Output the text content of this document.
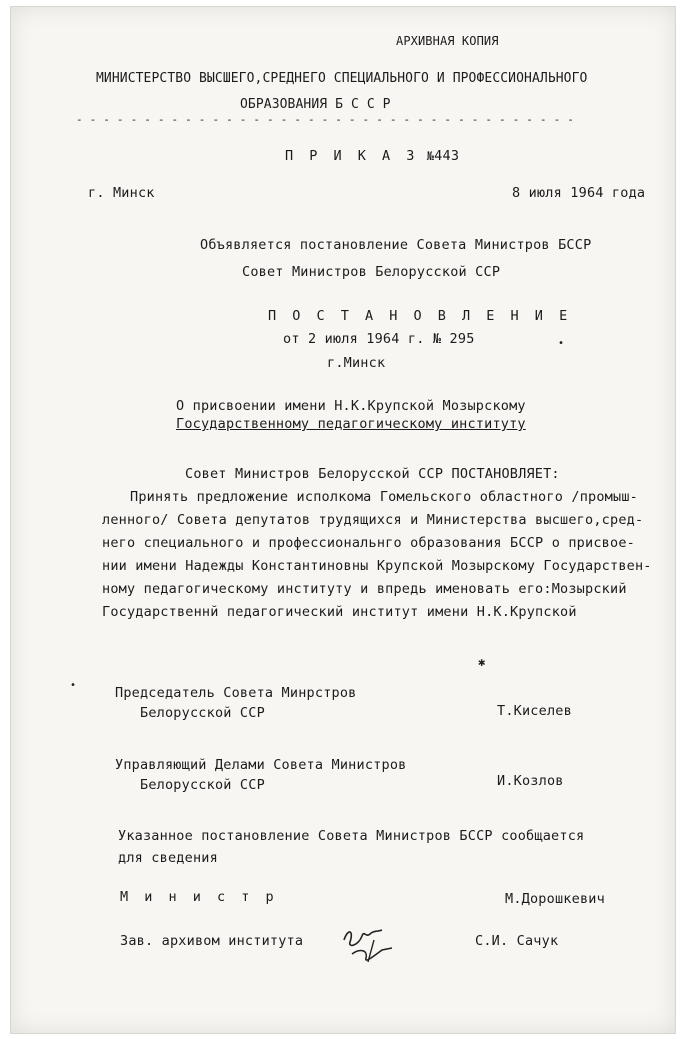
АРХИВНАЯ КОПИЯ
МИНИСТЕРСТВО ВЫСШЕГО,СРЕДНЕГО СПЕЦИАЛЬНОГО И ПРОФЕССИОНАЛЬНОГО
ОБРАЗОВАНИЯ Б С С Р
- - - - - - - - - - - - - - - - - - - - - - - - - - - - - - - - - - - - -
П Р И К А З №443
г. Минск	8 июля 1964 года
Объявляется постановление Совета Министров БССР
Совет Министров Белорусской ССР
П О С Т А Н О В Л Е Н И Е
от 2 июля 1964 г. № 295
г.Минск
О присвоении имени Н.К.Крупской Мозырскому
Государственному педагогическому институту
Совет Министров Белорусской ССР ПОСТАНОВЛЯЕТ:
Принять предложение исполкома Гомельского областного /промыш-
ленного/ Совета депутатов трудящихся и Министерства высшего,сред-
него специального и профессиональнго образования БССР о присвое-
нии имени Надежды Константиновны Крупской Мозырскому Государствен-
ному педагогическому институту и впредь именовать его:Мозырский
Государственнй педагогический институт имени Н.К.Крупской
Председатель Совета Минрстров
Белорусской ССР	Т.Киселев
Управляющий Делами Совета Министров
Белорусской ССР	И.Козлов
Указанное постановление Совета Министров БССР сообщается
для сведения
М и н и с т р	М.Дорошкевич
Зав. архивом института	С.И. Сачук
•
✱
•
